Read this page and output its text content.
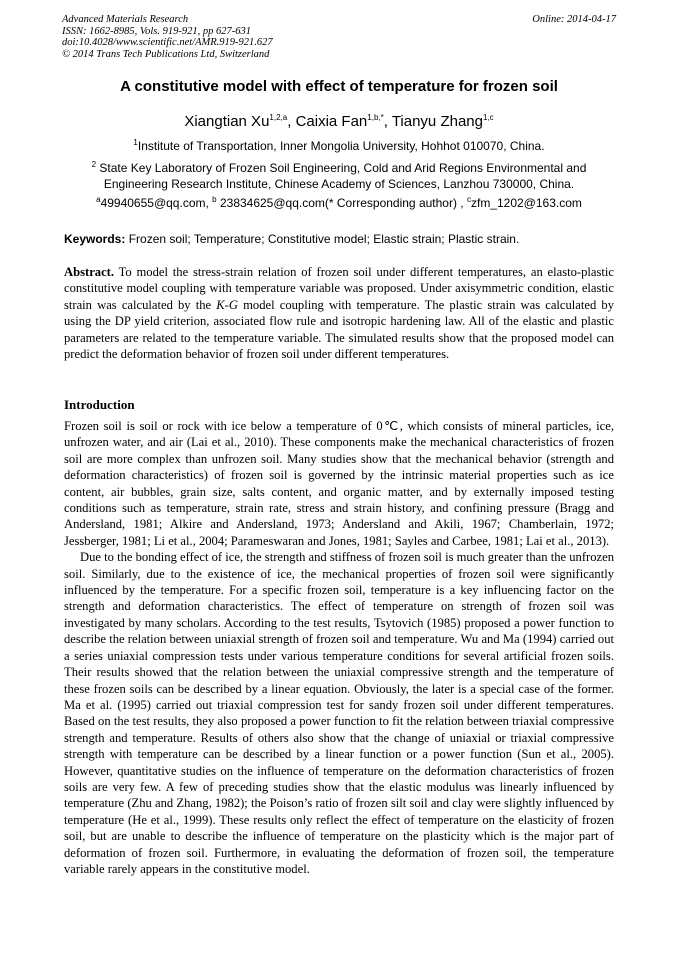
Advanced Materials Research
ISSN: 1662-8985, Vols. 919-921, pp 627-631
doi:10.4028/www.scientific.net/AMR.919-921.627
© 2014 Trans Tech Publications Ltd, Switzerland
Online: 2014-04-17
A constitutive model with effect of temperature for frozen soil
Xiangtian Xu$^{1,2,a}$, Caixia Fan$^{1,b,*}$, Tianyu Zhang$^{1,c}$
$^1$Institute of Transportation, Inner Mongolia University, Hohhot 010070, China.
$^2$ State Key Laboratory of Frozen Soil Engineering, Cold and Arid Regions Environmental and
Engineering Research Institute, Chinese Academy of Sciences, Lanzhou 730000, China.
$^a$49940655@qq.com, $^b$ 23834625@qq.com(* Corresponding author) , $^c$zfm_1202@163.com
Keywords: Frozen soil; Temperature; Constitutive model; Elastic strain; Plastic strain.

Abstract. To model the stress-strain relation of frozen soil under different temperatures, an elasto-plastic constitutive model coupling with temperature variable was proposed. Under axisymmetric condition, elastic strain was calculated by the K-G model coupling with temperature. The plastic strain was calculated by using the DP yield criterion, associated flow rule and isotropic hardening law. All of the elastic and plastic parameters are related to the temperature variable. The simulated results show that the proposed model can predict the deformation behavior of frozen soil under different temperatures.

Introduction

Frozen soil is soil or rock with ice below a temperature of 0℃, which consists of mineral particles, ice, unfrozen water, and air (Lai et al., 2010). These components make the mechanical characteristics of frozen soil are more complex than unfrozen soil. Many studies show that the mechanical behavior (strength and deformation characteristics) of frozen soil is governed by the intrinsic material properties such as ice content, air bubbles, grain size, salts content, and organic matter, and by externally imposed testing conditions such as temperature, strain rate, stress and strain history, and confining pressure (Bragg and Andersland, 1981; Alkire and Andersland, 1973; Andersland and Akili, 1967; Chamberlain, 1972; Jessberger, 1981; Li et al., 2004; Parameswaran and Jones, 1981; Sayles and Carbee, 1981; Lai et al., 2013).

Due to the bonding effect of ice, the strength and stiffness of frozen soil is much greater than the unfrozen soil. Similarly, due to the existence of ice, the mechanical properties of frozen soil were significantly influenced by the temperature. For a specific frozen soil, temperature is a key influencing factor on the strength and deformation characteristics. The effect of temperature on strength of frozen soil was investigated by many scholars. According to the test results, Tsytovich (1985) proposed a power function to describe the relation between uniaxial strength of frozen soil and temperature. Wu and Ma (1994) carried out a series uniaxial compression tests under various temperature conditions for several artificial frozen soils. Their results showed that the relation between the uniaxial compressive strength and the temperature of these frozen soils can be described by a linear equation. Obviously, the later is a special case of the former. Ma et al. (1995) carried out triaxial compression test for sandy frozen soil under different temperatures. Based on the test results, they also proposed a power function to fit the relation between triaxial compressive strength and temperature. Results of others also show that the change of uniaxial or triaxial compressive strength with temperature can be described by a linear function or a power function (Sun et al., 2005). However, quantitative studies on the influence of temperature on the deformation characteristics of frozen soils are very few. A few of preceding studies show that the elastic modulus was linearly influenced by temperature (Zhu and Zhang, 1982); the Poison’s ratio of frozen silt soil and clay were slightly influenced by temperature (He et al., 1999). These results only reflect the effect of temperature on the elasticity of frozen soil, but are unable to describe the influence of temperature on the plasticity which is the major part of deformation of frozen soil. Furthermore, in evaluating the deformation of frozen soil, the temperature variable rarely appears in the constitutive model.
